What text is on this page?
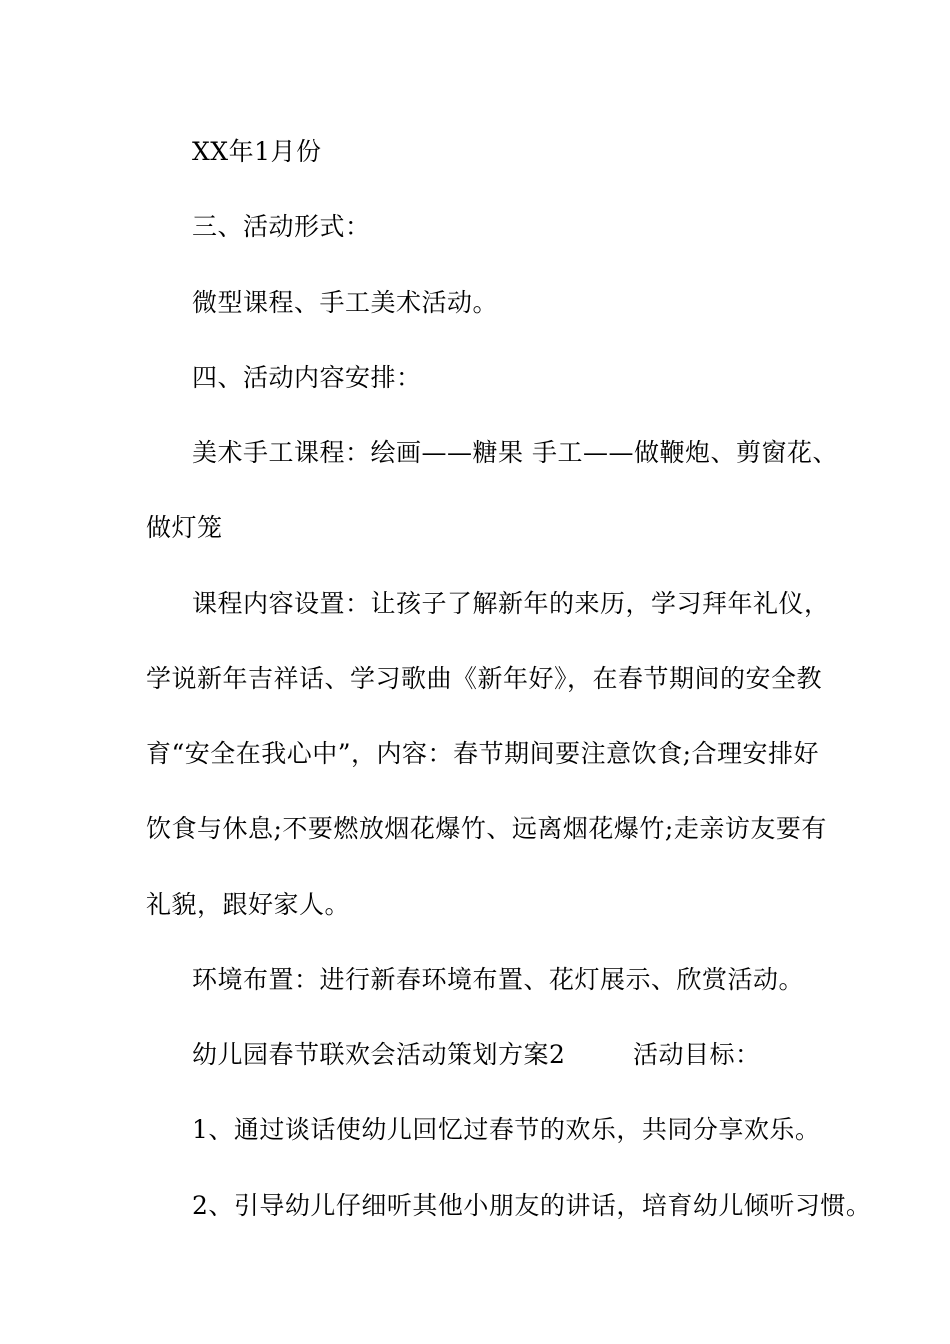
XX年1月份
三、活动形式：
微型课程、手工美术活动。
四、活动内容安排：
美术手工课程：绘画——糖果 手工——做鞭炮、剪窗花、
做灯笼
课程内容设置：让孩子了解新年的来历，学习拜年礼仪，
学说新年吉祥话、学习歌曲《新年好》，在春节期间的安全教
育“安全在我心中”，内容：春节期间要注意饮食;合理安排好
饮食与休息;不要燃放烟花爆竹、远离烟花爆竹;走亲访友要有
礼貌，跟好家人。
环境布置：进行新春环境布置、花灯展示、欣赏活动。
幼儿园春节联欢会活动策划方案2        活动目标：
1、通过谈话使幼儿回忆过春节的欢乐，共同分享欢乐。
2、引导幼儿仔细听其他小朋友的讲话，培育幼儿倾听习惯。
